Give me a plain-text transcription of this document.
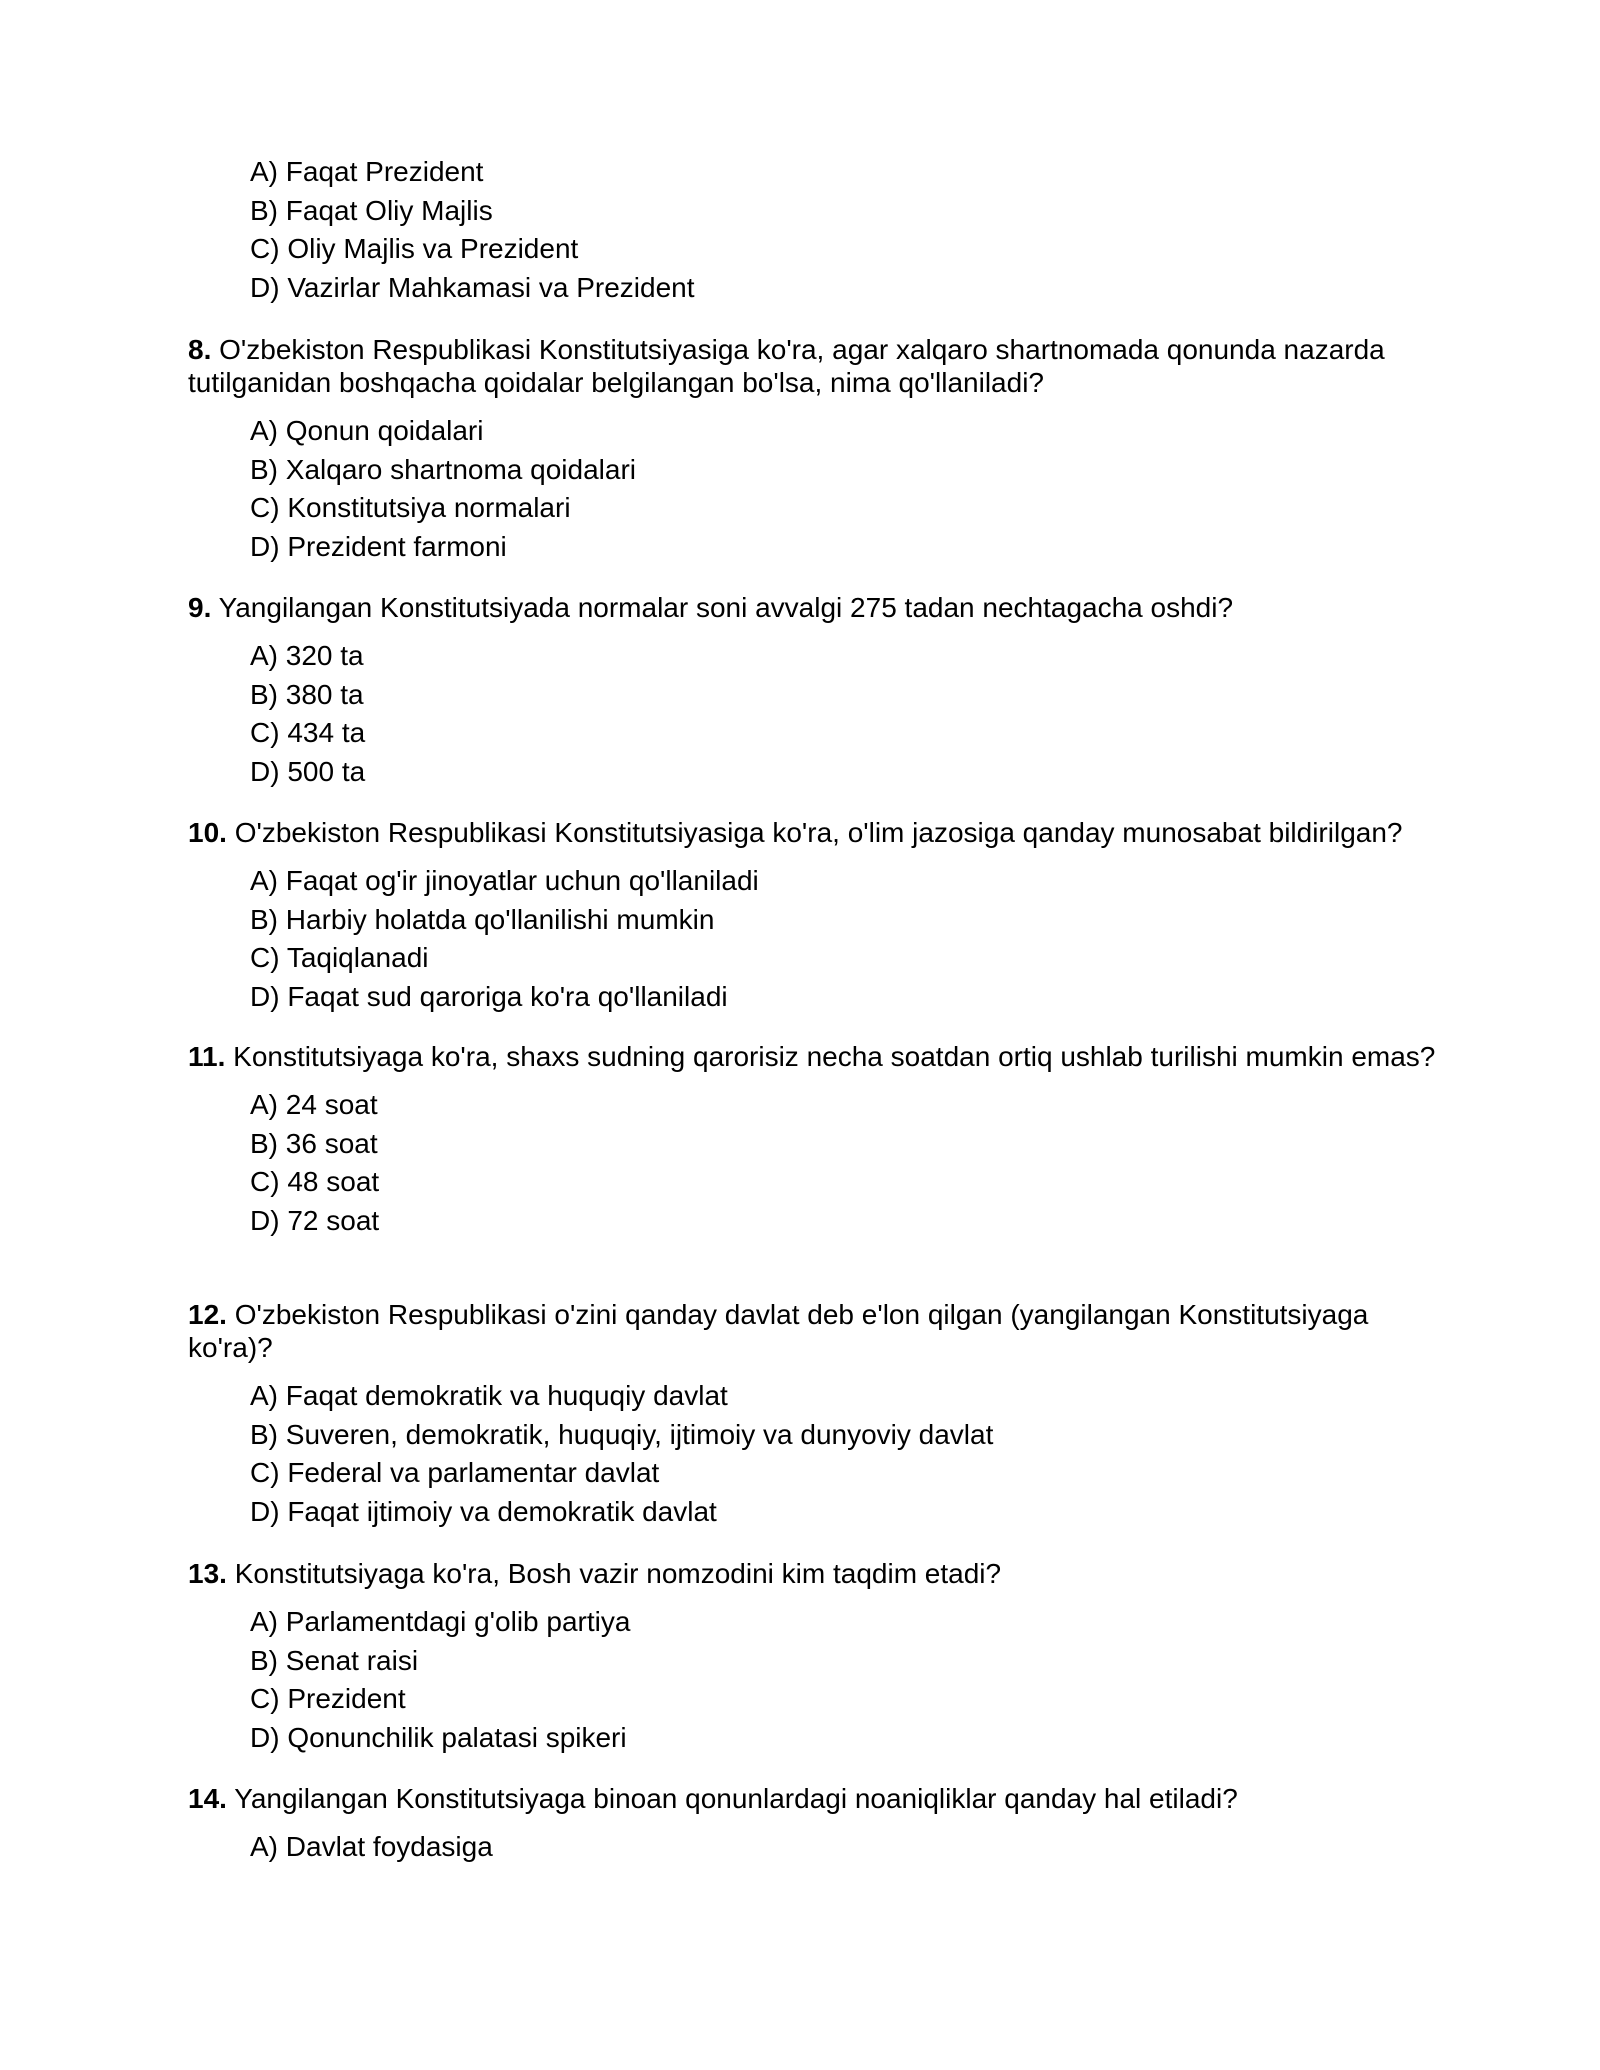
A) Faqat Prezident
B) Faqat Oliy Majlis
C) Oliy Majlis va Prezident
D) Vazirlar Mahkamasi va Prezident

8. O'zbekiston Respublikasi Konstitutsiyasiga ko'ra, agar xalqaro shartnomada qonunda nazarda tutilganidan boshqacha qoidalar belgilangan bo'lsa, nima qo'llaniladi?

A) Qonun qoidalari
B) Xalqaro shartnoma qoidalari
C) Konstitutsiya normalari
D) Prezident farmoni

9. Yangilangan Konstitutsiyada normalar soni avvalgi 275 tadan nechtagacha oshdi?

A) 320 ta
B) 380 ta
C) 434 ta
D) 500 ta

10. O'zbekiston Respublikasi Konstitutsiyasiga ko'ra, o'lim jazosiga qanday munosabat bildirilgan?

A) Faqat og'ir jinoyatlar uchun qo'llaniladi
B) Harbiy holatda qo'llanilishi mumkin
C) Taqiqlanadi
D) Faqat sud qaroriga ko'ra qo'llaniladi

11. Konstitutsiyaga ko'ra, shaxs sudning qarorisiz necha soatdan ortiq ushlab turilishi mumkin emas?

A) 24 soat
B) 36 soat
C) 48 soat
D) 72 soat

12. O'zbekiston Respublikasi o'zini qanday davlat deb e'lon qilgan (yangilangan Konstitutsiyaga ko'ra)?

A) Faqat demokratik va huquqiy davlat
B) Suveren, demokratik, huquqiy, ijtimoiy va dunyoviy davlat
C) Federal va parlamentar davlat
D) Faqat ijtimoiy va demokratik davlat

13. Konstitutsiyaga ko'ra, Bosh vazir nomzodini kim taqdim etadi?

A) Parlamentdagi g'olib partiya
B) Senat raisi
C) Prezident
D) Qonunchilik palatasi spikeri

14. Yangilangan Konstitutsiyaga binoan qonunlardagi noaniqliklar qanday hal etiladi?

A) Davlat foydasiga
